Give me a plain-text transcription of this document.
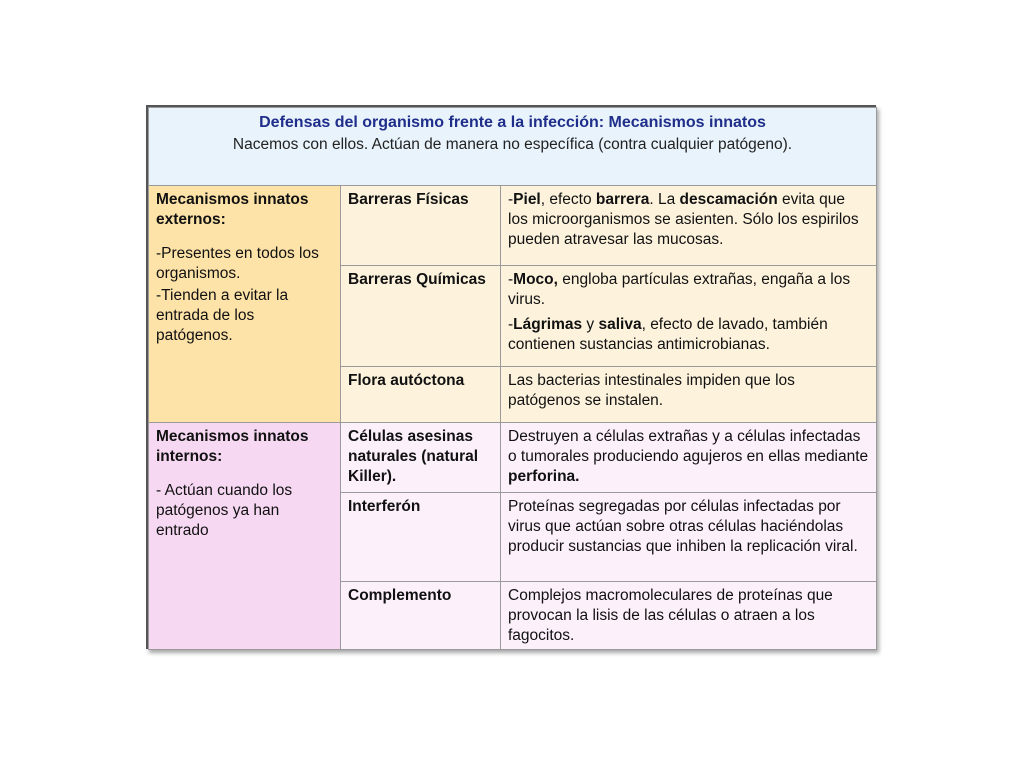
Defensas del organismo frente a la infección: Mecanismos innatos
Nacemos con ellos. Actúan de manera no específica (contra cualquier patógeno).		

Mecanismos innatos externos:
-Presentes en todos los organismos.
-Tienden a evitar la entrada de los patógenos.	Barreras Físicas	-Piel, efecto barrera. La descamación evita que los microorganismos se asienten. Sólo los espirilos pueden atravesar las mucosas.
	Barreras Químicas	-Moco, engloba partículas extrañas, engaña a los virus.
-Lágrimas y saliva, efecto de lavado, también contienen sustancias antimicrobianas.

	Flora autóctona	Las bacterias intestinales impiden que los patógenos se instalen.

Mecanismos innatos internos:
- Actúan cuando los patógenos ya han entrado	Células asesinas naturales (natural Killer).	Destruyen a células extrañas y a células infectadas o tumorales produciendo agujeros en ellas mediante perforina.
	Interferón	Proteínas segregadas por células infectadas por virus que actúan sobre otras células haciéndolas producir sustancias que inhiben la replicación viral.
	Complemento	Complejos macromoleculares de proteínas que provocan la lisis de las células o atraen a los fagocitos.
